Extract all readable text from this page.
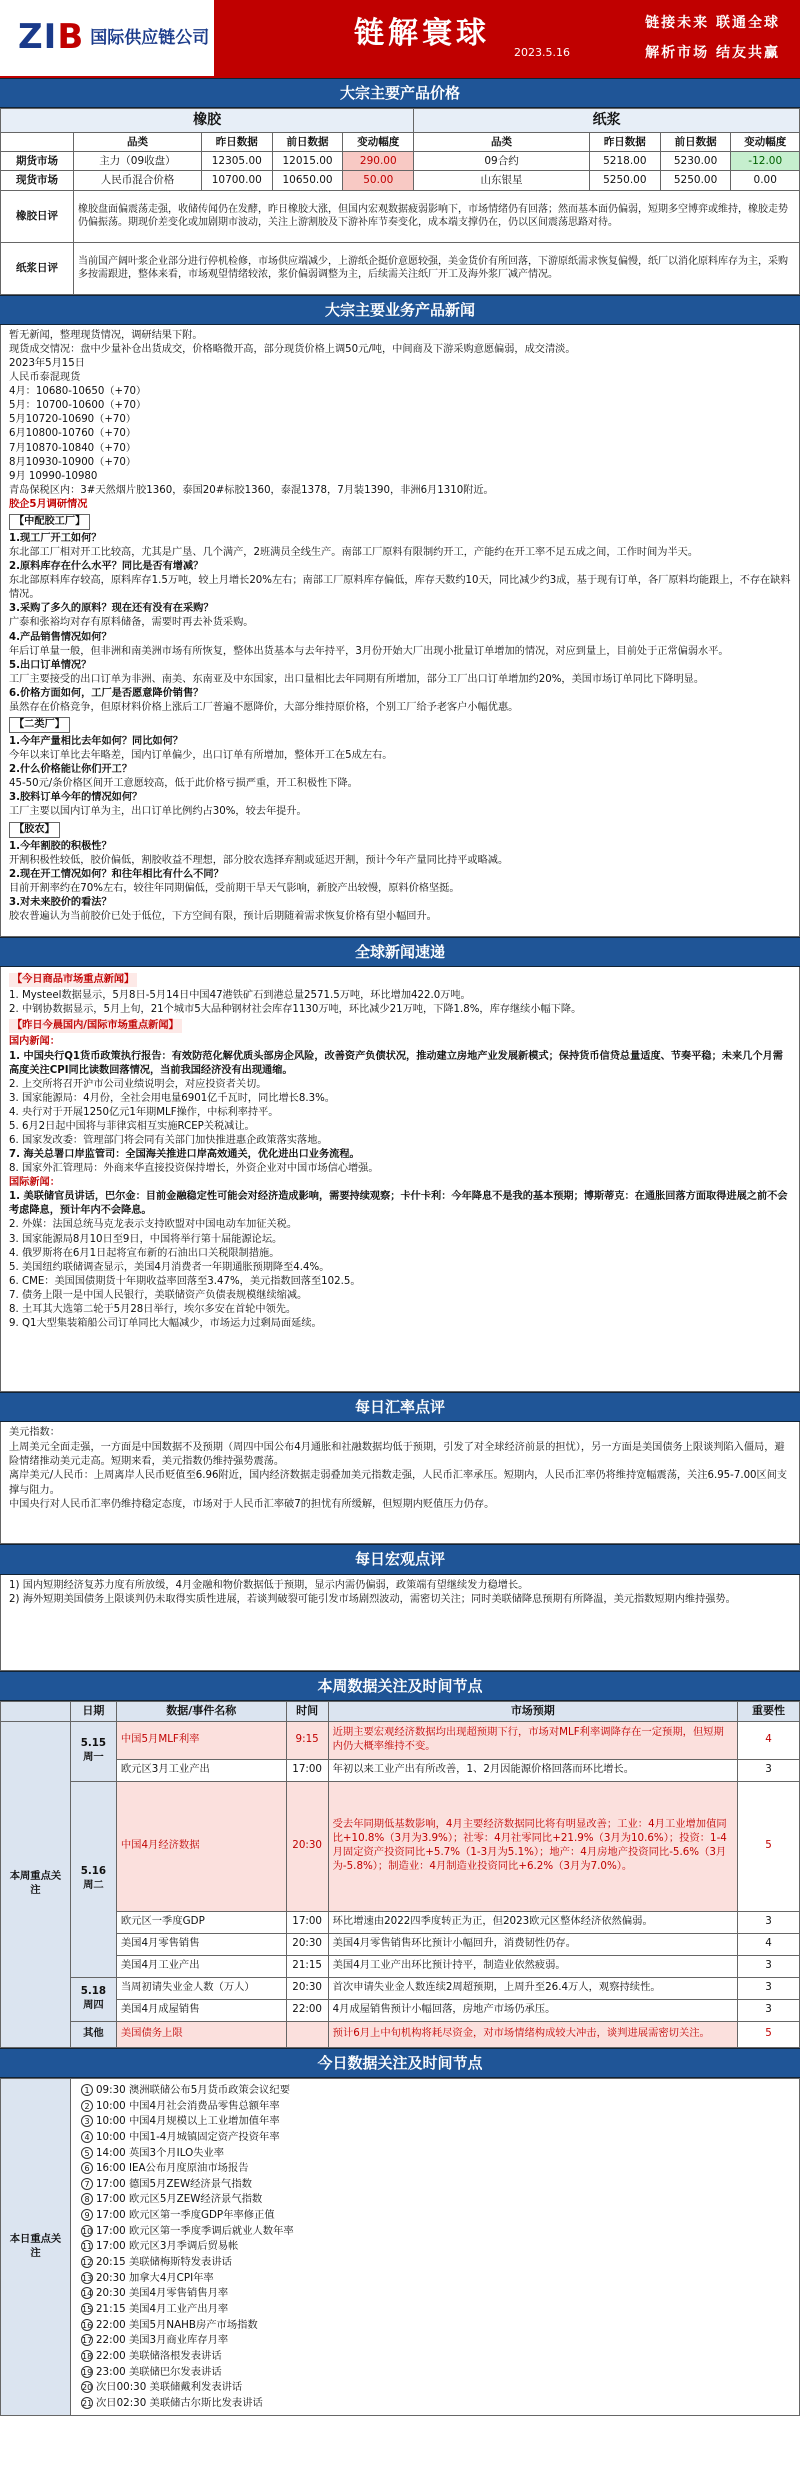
ZIB 国际供应链公司	链解寰球
2023.5.16
链接未来 联通全球
解析市场 结友共赢
大宗主要产品价格
橡胶					纸浆			
	品类	昨日数据	前日数据	变动幅度	品类	昨日数据	前日数据	变动幅度
期货市场	主力（09收盘）	12305.00	12015.00	290.00	09合约	5218.00	5230.00	-12.00
现货市场	人民币混合价格	10700.00	10650.00	50.00	山东银星	5250.00	5250.00	0.00
橡胶日评	橡胶盘面偏震荡走强，收储传闻仍在发酵，昨日橡胶大涨，但国内宏观数据疲弱影响下，市场情绪仍有回落；然而基本面仍偏弱，短期多空博弈或维持，橡胶走势仍偏振荡。期现价差变化或加剧期市波动，关注上游割胶及下游补库节奏变化，成本端支撑仍在，仍以区间震荡思路对待。							
纸浆日评	当前国产阔叶浆企业部分进行停机检修，市场供应端减少，上游纸企挺价意愿较强，美金货价有所回落，下游原纸需求恢复偏慢，纸厂以消化原料库存为主，采购多按需跟进，整体来看，市场观望情绪较浓，浆价偏弱调整为主，后续需关注纸厂开工及海外浆厂减产情况。							
大宗主要业务产品新闻

暂无新闻，整理现货情况，调研结果下附。

现货成交情况：盘中少量补仓出货成交，价格略微开高，部分现货价格上调50元/吨，中间商及下游采购意愿偏弱，成交清淡。

2023年5月15日

人民币泰混现货

4月：10680-10650（+70）

5月：10700-10600（+70）

5月10720-10690（+70）

6月10800-10760（+70）

7月10870-10840（+70）

8月10930-10900（+70）

9月 10990-10980

青岛保税区内：3#天然烟片胶1360，泰国20#标胶1360，泰混1378，7月装1390，非洲6月1310附近。

胶企5月调研情况

【中配胶工厂】

1.现工厂开工如何？

东北部工厂相对开工比较高，尤其是广垦、几个满产，2班满员全线生产。南部工厂原料有限制约开工，产能约在开工率不足五成之间，工作时间为半天。

2.原料库存在什么水平？同比是否有增减？

东北部原料库存较高，原料库存1.5万吨，较上月增长20%左右；南部工厂原料库存偏低，库存天数约10天，同比减少约3成，基于现有订单，各厂原料均能跟上，不存在缺料情况。

3.采购了多久的原料？现在还有没有在采购？

广泰和张裕均对存有原料储备，需要时再去补货采购。

4.产品销售情况如何？

年后订单量一般，但非洲和南美洲市场有所恢复，整体出货基本与去年持平，3月份开始大厂出现小批量订单增加的情况，对应到量上，目前处于正常偏弱水平。

5.出口订单情况？

工厂主要接受的出口订单为非洲、南美、东南亚及中东国家，出口量相比去年同期有所增加，部分工厂出口订单增加约20%，美国市场订单同比下降明显。

6.价格方面如何，工厂是否愿意降价销售？

虽然存在价格竞争，但原材料价格上涨后工厂普遍不愿降价，大部分维持原价格，个别工厂给予老客户小幅优惠。

【二类厂】

1.今年产量相比去年如何？同比如何？

今年以来订单比去年略差，国内订单偏少，出口订单有所增加，整体开工在5成左右。

2.什么价格能让你们开工？

45-50元/条价格区间开工意愿较高，低于此价格亏损严重，开工积极性下降。

3.胶料订单今年的情况如何？

工厂主要以国内订单为主，出口订单比例约占30%，较去年提升。

【胶农】

1.今年割胶的积极性？

开割积极性较低，胶价偏低，割胶收益不理想，部分胶农选择弃割或延迟开割，预计今年产量同比持平或略减。

2.现在开工情况如何？和往年相比有什么不同？

目前开割率约在70%左右，较往年同期偏低，受前期干旱天气影响，新胶产出较慢，原料价格坚挺。

3.对未来胶价的看法？

胶农普遍认为当前胶价已处于低位，下方空间有限，预计后期随着需求恢复价格有望小幅回升。

全球新闻速递
【今日商品市场重点新闻】

1. Mysteel数据显示，5月8日-5月14日中国47港铁矿石到港总量2571.5万吨，环比增加422.0万吨。

2. 中钢协数据显示，5月上旬，21个城市5大品种钢材社会库存1130万吨，环比减少21万吨，下降1.8%，库存继续小幅下降。

【昨日今晨国内/国际市场重点新闻】

国内新闻：

1. 中国央行Q1货币政策执行报告：有效防范化解优质头部房企风险，改善资产负债状况，推动建立房地产业发展新模式；保持货币信贷总量适度、节奏平稳；未来几个月需高度关注CPI同比读数回落情况，当前我国经济没有出现通缩。

2. 上交所将召开沪市公司业绩说明会，对应投资者关切。

3. 国家能源局：4月份，全社会用电量6901亿千瓦时，同比增长8.3%。

4. 央行对于开展1250亿元1年期MLF操作，中标利率持平。

5. 6月2日起中国将与菲律宾相互实施RCEP关税减让。

6. 国家发改委：管理部门将会同有关部门加快推进惠企政策落实落地。

7. 海关总署口岸监管司：全国海关推进口岸高效通关，优化进出口业务流程。

8. 国家外汇管理局：外商来华直接投资保持增长，外资企业对中国市场信心增强。

国际新闻：

1. 美联储官员讲话，巴尔金：目前金融稳定性可能会对经济造成影响，需要持续观察；卡什卡利：今年降息不是我的基本预期；博斯蒂克：在通胀回落方面取得进展之前不会考虑降息，预计年内不会降息。

2. 外媒：法国总统马克龙表示支持欧盟对中国电动车加征关税。

3. 国家能源局8月10日至9日，中国将举行第十届能源论坛。

4. 俄罗斯将在6月1日起将宣布新的石油出口关税限制措施。

5. 美国纽约联储调查显示，美国4月消费者一年期通胀预期降至4.4%。

6. CME：美国国债期货十年期收益率回落至3.47%，美元指数回落至102.5。

7. 债务上限一是中国人民银行，美联储资产负债表规模继续缩减。

8. 土耳其大选第二轮于5月28日举行，埃尔多安在首轮中领先。

9. Q1大型集装箱船公司订单同比大幅减少，市场运力过剩局面延续。

每日汇率点评

美元指数：

上周美元全面走强，一方面是中国数据不及预期（周四中国公布4月通胀和社融数据均低于预期，引发了对全球经济前景的担忧），另一方面是美国债务上限谈判陷入僵局，避险情绪推动美元走高。短期来看，美元指数仍维持强势震荡。

离岸美元/人民币：上周离岸人民币贬值至6.96附近，国内经济数据走弱叠加美元指数走强，人民币汇率承压。短期内，人民币汇率仍将维持宽幅震荡，关注6.95-7.00区间支撑与阻力。

中国央行对人民币汇率仍维持稳定态度，市场对于人民币汇率破7的担忧有所缓解，但短期内贬值压力仍存。

每日宏观点评

1) 国内短期经济复苏力度有所放缓，4月金融和物价数据低于预期，显示内需仍偏弱，政策端有望继续发力稳增长。

2) 海外短期美国债务上限谈判仍未取得实质性进展，若谈判破裂可能引发市场剧烈波动，需密切关注；同时美联储降息预期有所降温，美元指数短期内维持强势。

本周数据关注及时间节点
	日期	数据/事件名称	时间	市场预期	重要性
本周重点关注	5.15 周一	中国5月MLF利率	9:15	近期主要宏观经济数据均出现超预期下行，市场对MLF利率调降存在一定预期，但短期内仍大概率维持不变。	4
		欧元区3月工业产出	17:00	年初以来工业产出有所改善，1、2月因能源价格回落而环比增长。	3
	5.16 周二	中国4月经济数据	20:30	受去年同期低基数影响，4月主要经济数据同比将有明显改善；工业：4月工业增加值同比+10.8%（3月为3.9%）；社零：4月社零同比+21.9%（3月为10.6%）；投资：1-4月固定资产投资同比+5.7%（1-3月为5.1%）；地产：4月房地产投资同比-5.6%（3月为-5.8%）；制造业：4月制造业投资同比+6.2%（3月为7.0%）。	5
		欧元区一季度GDP	17:00	环比增速由2022四季度转正为正，但2023欧元区整体经济依然偏弱。	3
		美国4月零售销售	20:30	美国4月零售销售环比预计小幅回升，消费韧性仍存。	4
		美国4月工业产出	21:15	美国4月工业产出环比预计持平，制造业依然疲弱。	3
	5.18 周四	当周初请失业金人数（万人）	20:30	首次申请失业金人数连续2周超预期，上周升至26.4万人，观察持续性。	3
		美国4月成屋销售	22:00	4月成屋销售预计小幅回落，房地产市场仍承压。	3
	其他	美国债务上限		预计6月上中旬机构将耗尽资金，对市场情绪构成较大冲击，谈判进展需密切关注。	5
今日数据关注及时间节点
本日重点关注	
1 09:30 澳洲联储公布5月货币政策会议纪要
2 10:00 中国4月社会消费品零售总额年率
3 10:00 中国4月规模以上工业增加值年率
4 10:00 中国1-4月城镇固定资产投资年率
5 14:00 英国3个月ILO失业率
6 16:00 IEA公布月度原油市场报告
7 17:00 德国5月ZEW经济景气指数
8 17:00 欧元区5月ZEW经济景气指数
9 17:00 欧元区第一季度GDP年率修正值
10 17:00 欧元区第一季度季调后就业人数年率
11 17:00 欧元区3月季调后贸易帐
12 20:15 美联储梅斯特发表讲话
13 20:30 加拿大4月CPI年率
14 20:30 美国4月零售销售月率
15 21:15 美国4月工业产出月率
16 22:00 美国5月NAHB房产市场指数
17 22:00 美国3月商业库存月率
18 22:00 美联储洛根发表讲话
19 23:00 美联储巴尔发表讲话
20 次日00:30 美联储戴利发表讲话
21 次日02:30 美联储古尔斯比发表讲话
